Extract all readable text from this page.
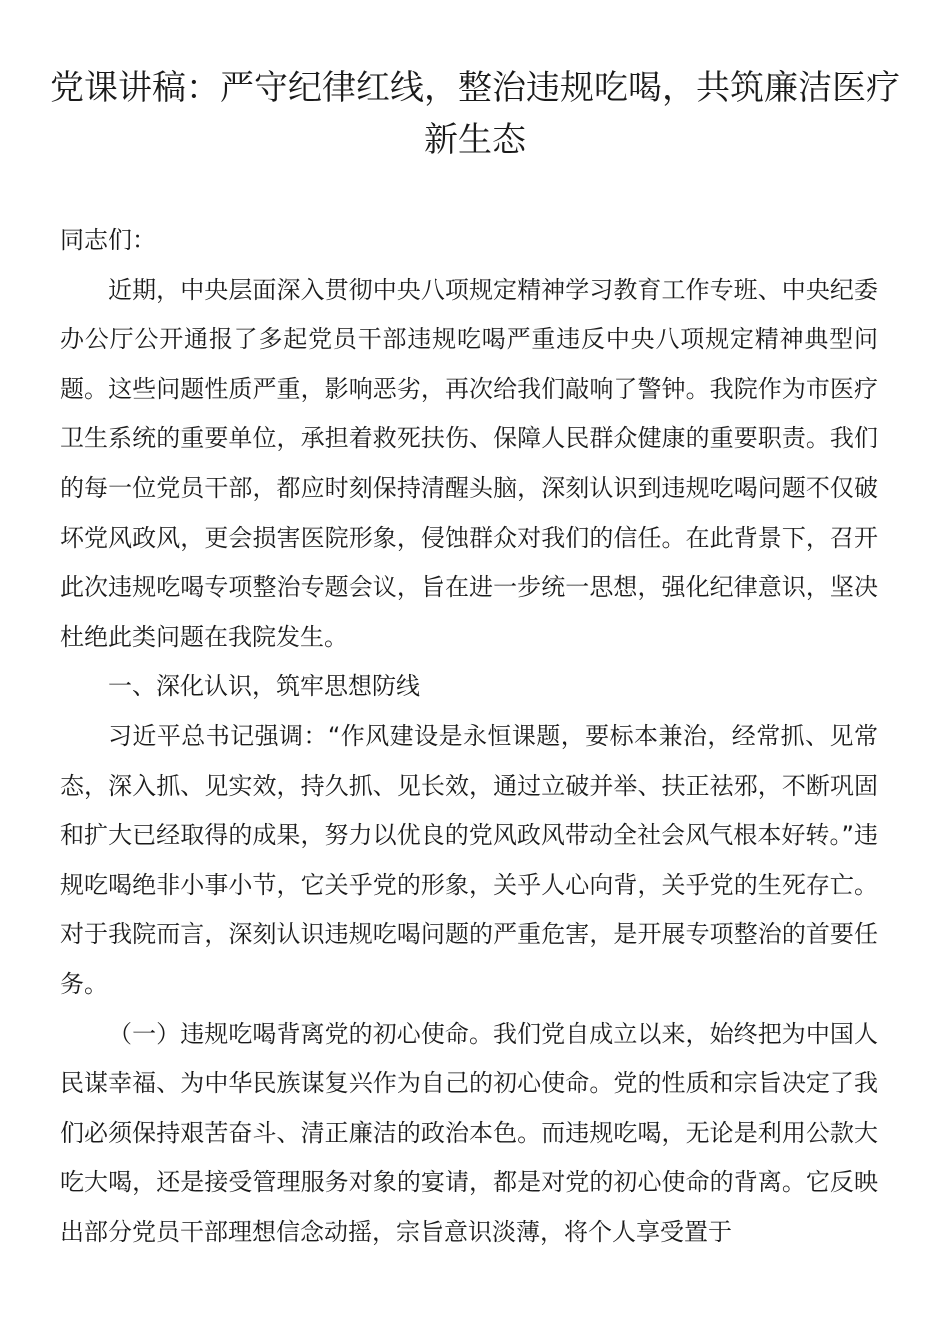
党课讲稿：严守纪律红线，整治违规吃喝，共筑廉洁医疗新生态

同志们：

近期，中央层面深入贯彻中央八项规定精神学习教育工作专班、中央纪委办公厅公开通报了多起党员干部违规吃喝严重违反中央八项规定精神典型问题。这些问题性质严重，影响恶劣，再次给我们敲响了警钟。我院作为市医疗卫生系统的重要单位，承担着救死扶伤、保障人民群众健康的重要职责。我们的每一位党员干部，都应时刻保持清醒头脑，深刻认识到违规吃喝问题不仅破坏党风政风，更会损害医院形象，侵蚀群众对我们的信任。在此背景下，召开此次违规吃喝专项整治专题会议，旨在进一步统一思想，强化纪律意识，坚决杜绝此类问题在我院发生。

一、深化认识，筑牢思想防线

习近平总书记强调：“作风建设是永恒课题，要标本兼治，经常抓、见常态，深入抓、见实效，持久抓、见长效，通过立破并举、扶正祛邪，不断巩固和扩大已经取得的成果，努力以优良的党风政风带动全社会风气根本好转。”违规吃喝绝非小事小节，它关乎党的形象，关乎人心向背，关乎党的生死存亡。对于我院而言，深刻认识违规吃喝问题的严重危害，是开展专项整治的首要任务。

（一）违规吃喝背离党的初心使命。我们党自成立以来，始终把为中国人民谋幸福、为中华民族谋复兴作为自己的初心使命。党的性质和宗旨决定了我们必须保持艰苦奋斗、清正廉洁的政治本色。而违规吃喝，无论是利用公款大吃大喝，还是接受管理服务对象的宴请，都是对党的初心使命的背离。它反映出部分党员干部理想信念动摇，宗旨意识淡薄，将个人享受置于
